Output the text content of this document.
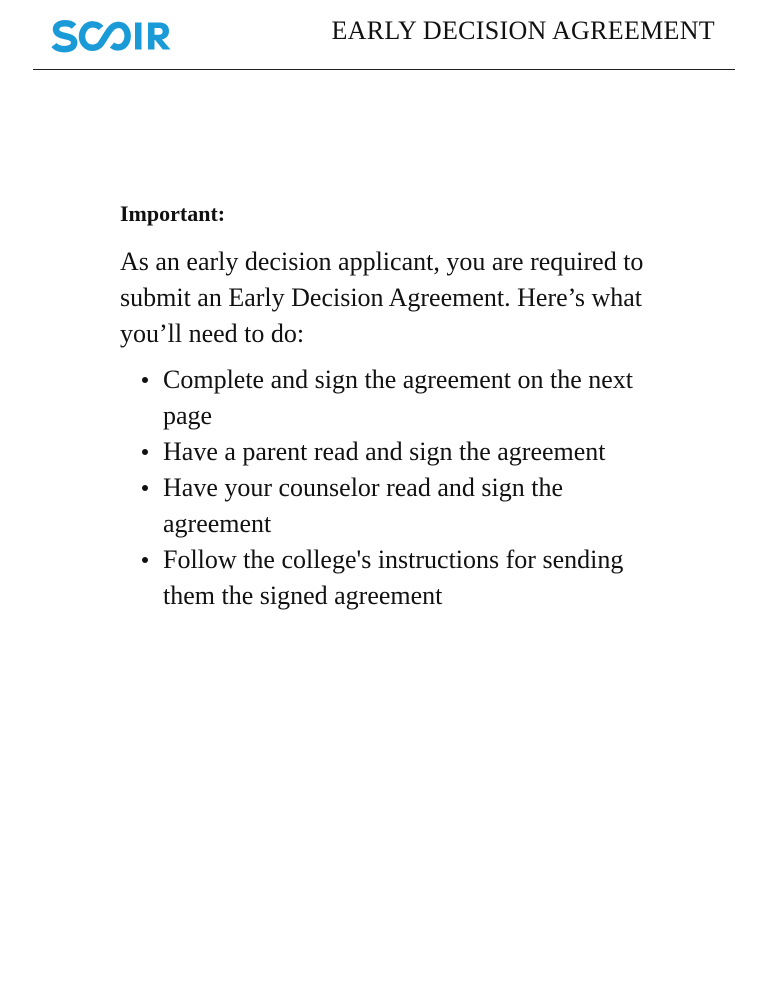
EARLY DECISION AGREEMENT

Important:

As an early decision applicant, you are required to submit an Early Decision Agreement. Here’s what you’ll need to do:

Complete and sign the agreement on the next page
Have a parent read and sign the agreement
Have your counselor read and sign the agreement
Follow the college's instructions for sending them the signed agreement
